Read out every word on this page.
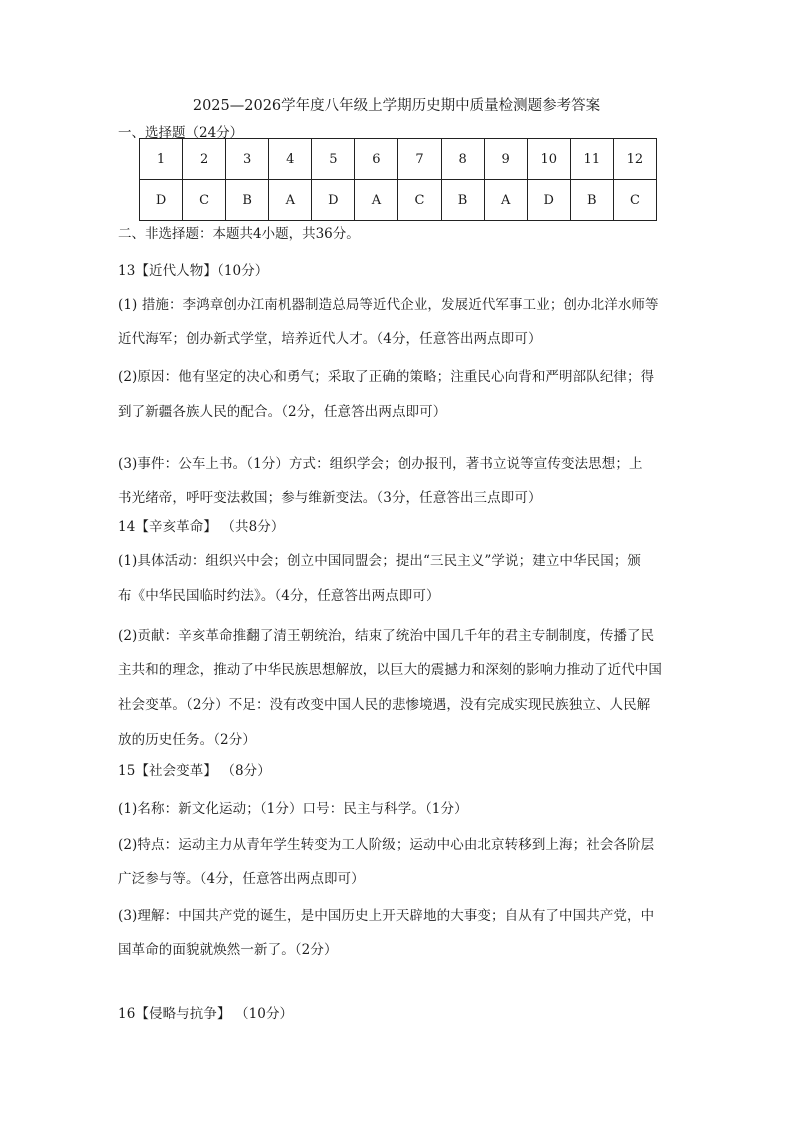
2025—2026学年度八年级上学期历史期中质量检测题参考答案
一、选择题（24分）
1	2	3	4	5	6	7	8	9	10	11	12
D	C	B	A	D	A	C	B	A	D	B	C
二、非选择题：本题共4小题，共36分。
13【近代人物】（10分）
(1) 措施：李鸿章创办江南机器制造总局等近代企业，发展近代军事工业；创办北洋水师等
近代海军；创办新式学堂，培养近代人才。（4分，任意答出两点即可）
(2)原因：他有坚定的决心和勇气；采取了正确的策略；注重民心向背和严明部队纪律；得
到了新疆各族人民的配合。（2分，任意答出两点即可）
(3)事件：公车上书。（1分）方式：组织学会；创办报刊，著书立说等宣传变法思想；上
书光绪帝，呼吁变法救国；参与维新变法。（3分，任意答出三点即可）
14【辛亥革命】 （共8分）
(1)具体活动：组织兴中会；创立中国同盟会；提出“三民主义”学说；建立中华民国；颁
布《中华民国临时约法》。（4分，任意答出两点即可）
(2)贡献：辛亥革命推翻了清王朝统治，结束了统治中国几千年的君主专制制度，传播了民
主共和的理念，推动了中华民族思想解放，以巨大的震撼力和深刻的影响力推动了近代中国
社会变革。（2分）不足：没有改变中国人民的悲惨境遇，没有完成实现民族独立、人民解
放的历史任务。（2分）
15【社会变革】 （8分）
(1)名称：新文化运动；（1分）口号：民主与科学。（1分）
(2)特点：运动主力从青年学生转变为工人阶级；运动中心由北京转移到上海；社会各阶层
广泛参与等。（4分，任意答出两点即可）
(3)理解：中国共产党的诞生，是中国历史上开天辟地的大事变；自从有了中国共产党，中
国革命的面貌就焕然一新了。（2分）
16【侵略与抗争】 （10分）
